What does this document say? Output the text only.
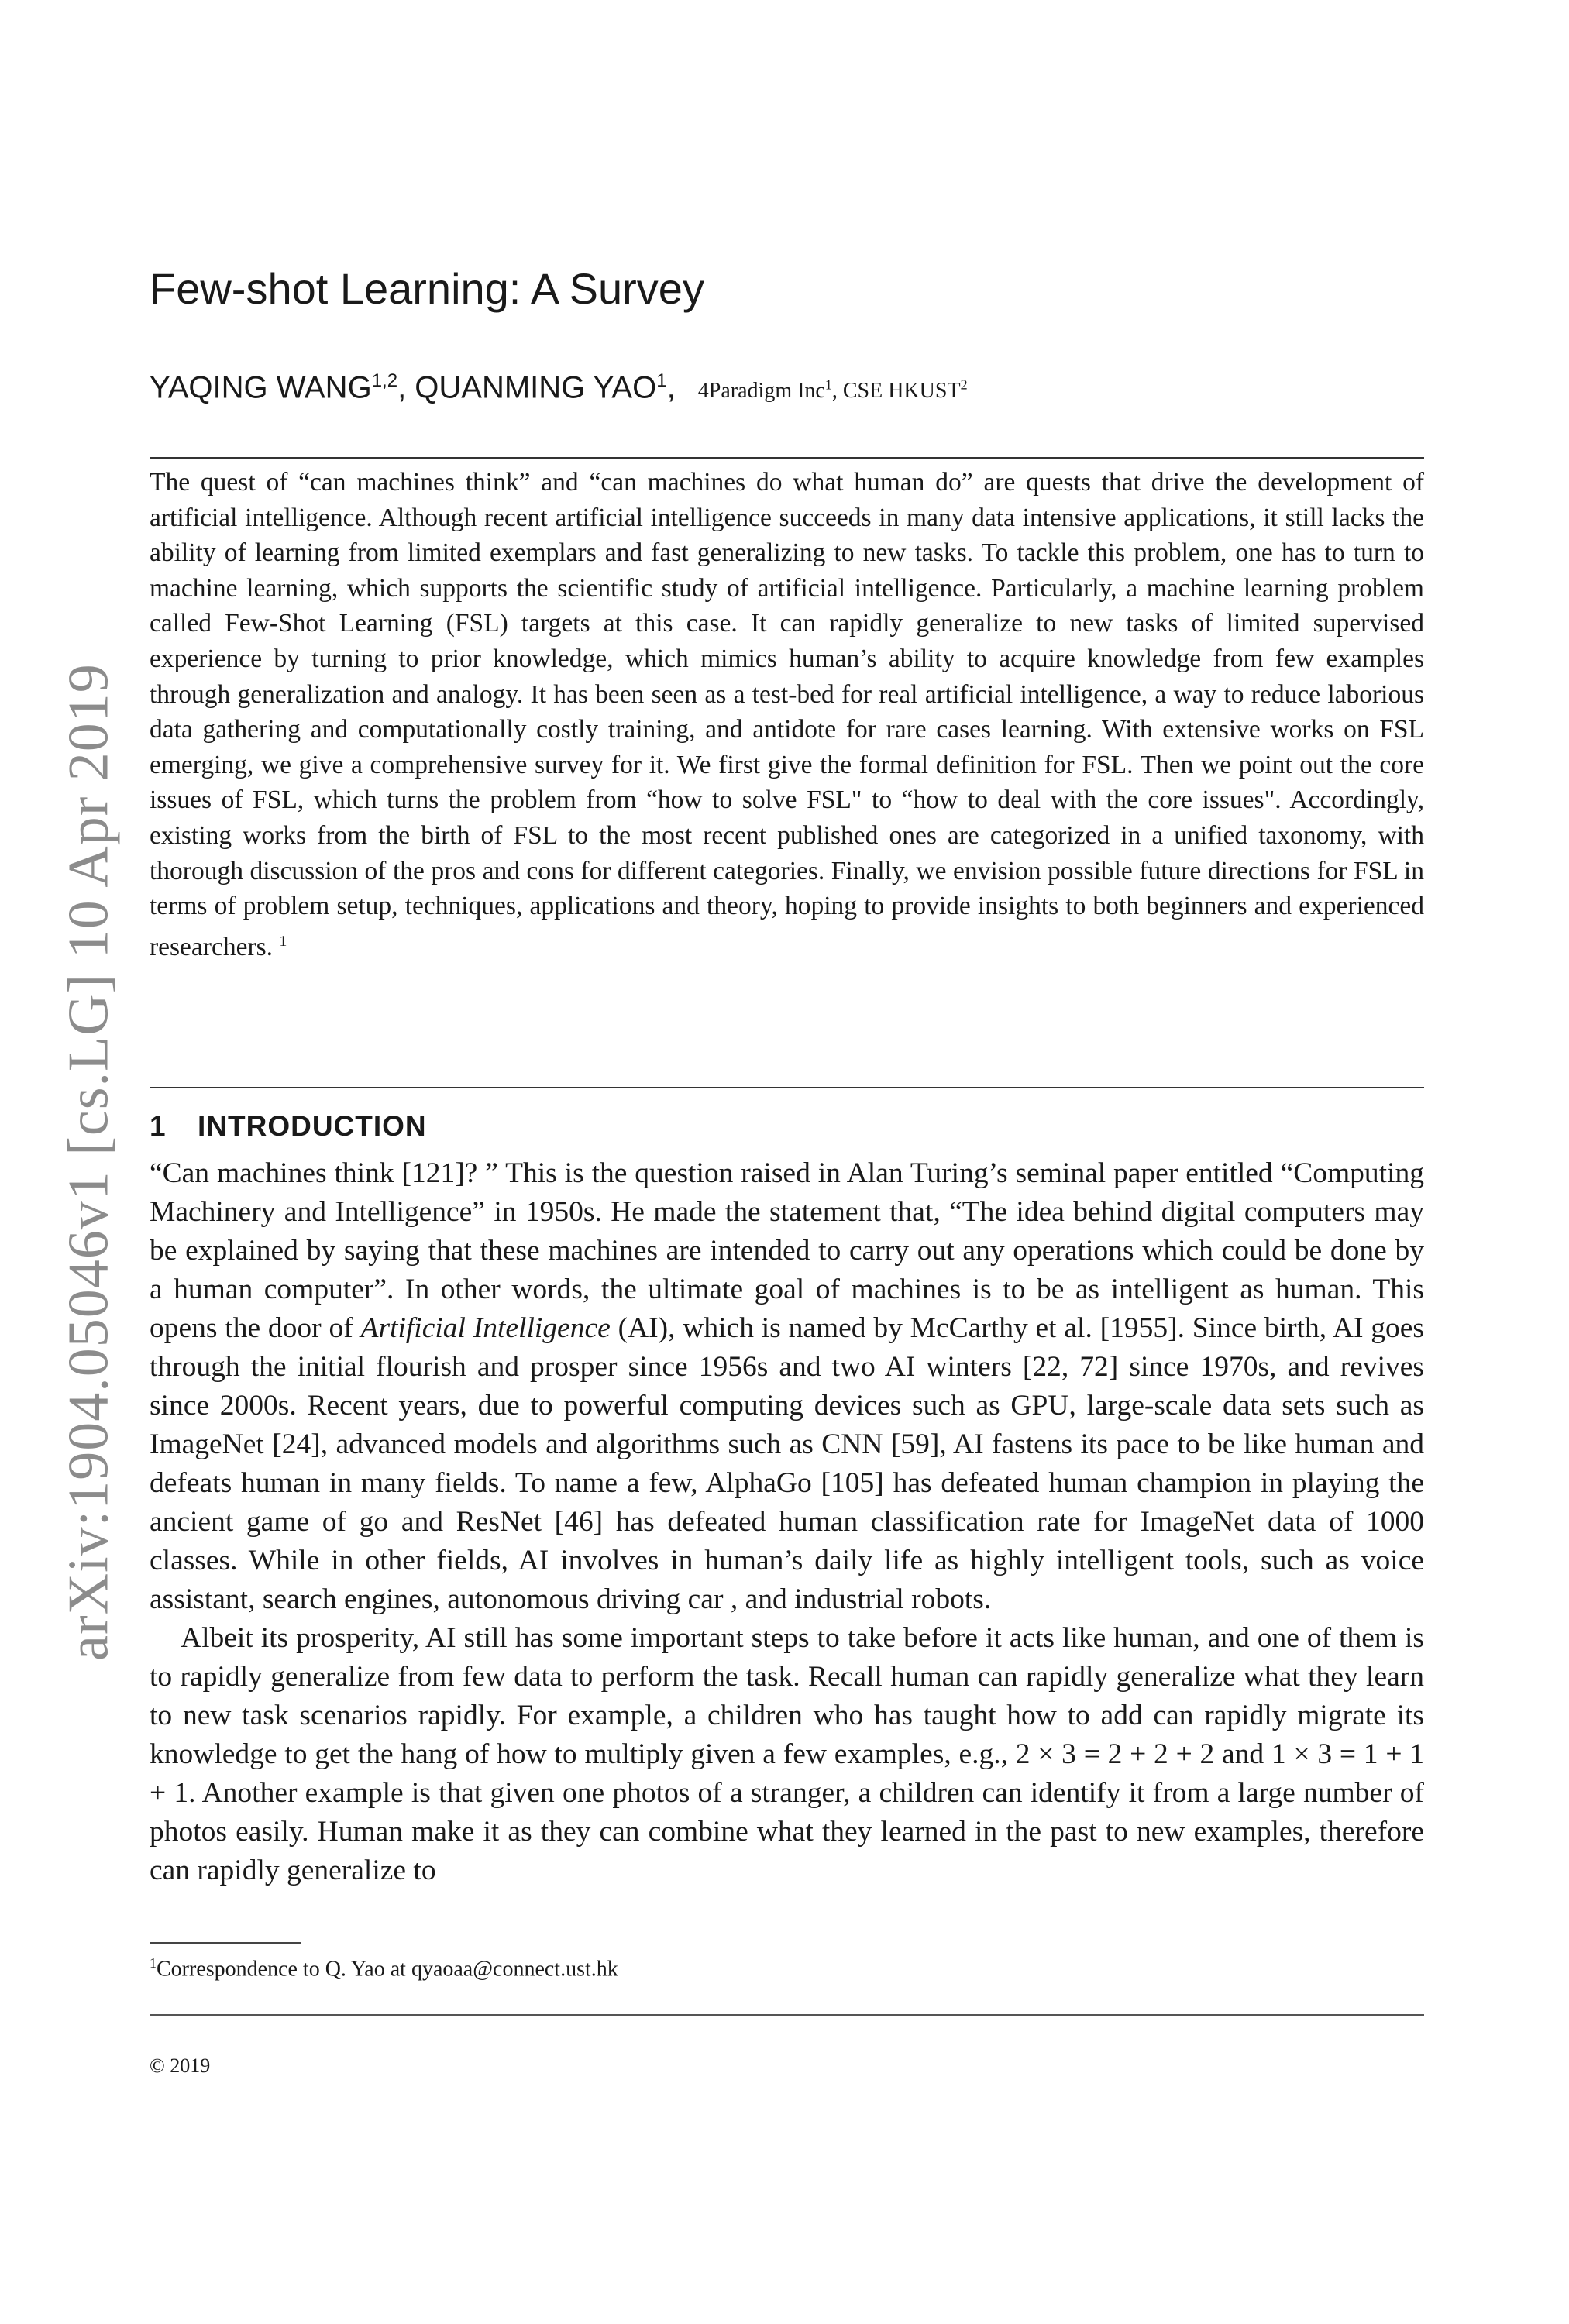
arXiv:1904.05046v1 [cs.LG] 10 Apr 2019
Few-shot Learning: A Survey
YAQING WANG$^{1,2}$, QUANMING YAO$^1$, 4Paradigm Inc$^1$, CSE HKUST$^2$

The quest of “can machines think” and “can machines do what human do” are quests that drive the development of artificial intelligence. Although recent artificial intelligence succeeds in many data intensive applications, it still lacks the ability of learning from limited exemplars and fast generalizing to new tasks. To tackle this problem, one has to turn to machine learning, which supports the scientific study of artificial intelligence. Particularly, a machine learning problem called Few-Shot Learning (FSL) targets at this case. It can rapidly generalize to new tasks of limited supervised experience by turning to prior knowledge, which mimics human’s ability to acquire knowledge from few examples through generalization and analogy. It has been seen as a test-bed for real artificial intelligence, a way to reduce laborious data gathering and computationally costly training, and antidote for rare cases learning. With extensive works on FSL emerging, we give a comprehensive survey for it. We first give the formal definition for FSL. Then we point out the core issues of FSL, which turns the problem from “how to solve FSL" to “how to deal with the core issues". Accordingly, existing works from the birth of FSL to the most recent published ones are categorized in a unified taxonomy, with thorough discussion of the pros and cons for different categories. Finally, we envision possible future directions for FSL in terms of problem setup, techniques, applications and theory, hoping to provide insights to both beginners and experienced researchers. $^1$

1 INTRODUCTION

“Can machines think [121]? ” This is the question raised in Alan Turing’s seminal paper entitled “Computing Machinery and Intelligence” in 1950s. He made the statement that, “The idea behind digital computers may be explained by saying that these machines are intended to carry out any operations which could be done by a human computer”. In other words, the ultimate goal of machines is to be as intelligent as human. This opens the door of Artificial Intelligence (AI), which is named by McCarthy et al. [1955]. Since birth, AI goes through the initial flourish and prosper since 1956s and two AI winters [22, 72] since 1970s, and revives since 2000s. Recent years, due to powerful computing devices such as GPU, large-scale data sets such as ImageNet [24], advanced models and algorithms such as CNN [59], AI fastens its pace to be like human and defeats human in many fields. To name a few, AlphaGo [105] has defeated human champion in playing the ancient game of go and ResNet [46] has defeated human classification rate for ImageNet data of 1000 classes. While in other fields, AI involves in human’s daily life as highly intelligent tools, such as voice assistant, search engines, autonomous driving car , and industrial robots.

Albeit its prosperity, AI still has some important steps to take before it acts like human, and one of them is to rapidly generalize from few data to perform the task. Recall human can rapidly generalize what they learn to new task scenarios rapidly. For example, a children who has taught how to add can rapidly migrate its knowledge to get the hang of how to multiply given a few examples, e.g., 2 × 3 = 2 + 2 + 2 and 1 × 3 = 1 + 1 + 1. Another example is that given one photos of a stranger, a children can identify it from a large number of photos easily. Human make it as they can combine what they learned in the past to new examples, therefore can rapidly generalize to

$^1$Correspondence to Q. Yao at qyaoaa@connect.ust.hk
© 2019
